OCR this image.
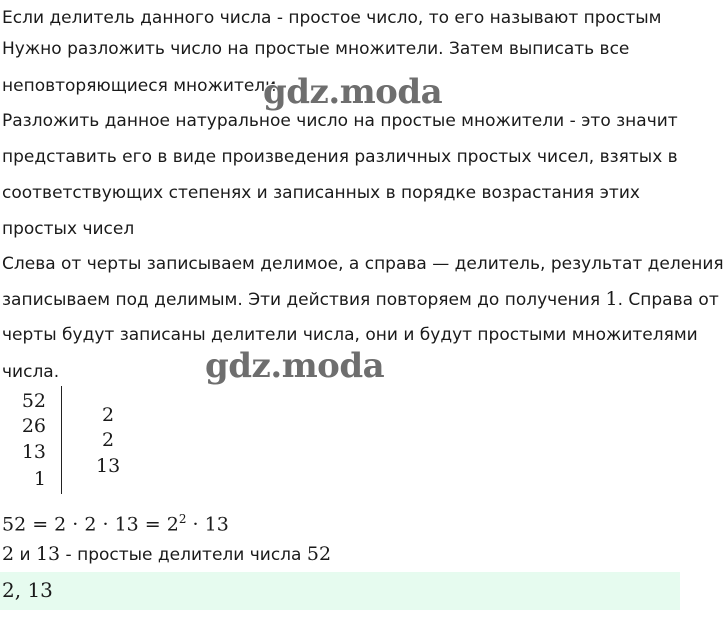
Если делитель данного числа - простое число, то его называют простым
Нужно разложить число на простые множители. Затем выписать все
неповторяющиеся множители
gdz.moda
Разложить данное натуральное число на простые множители - это значит
представить его в виде произведения различных простых чисел, взятых в
соответствующих степенях и записанных в порядке возрастания этих
простых чисел
Слева от черты записываем делимое, а справа — делитель, результат деления
записываем под делимым. Эти действия повторяем до получения 1. Справа от
черты будут записаны делители числа, они и будут простыми множителями
числа.	gdz.moda
52
26
13
1
2
2
13
$52 = 2 \cdot 2 \cdot 13 = 2^2 \cdot 13$
2 и 13 - простые делители числа 52
2, 13
